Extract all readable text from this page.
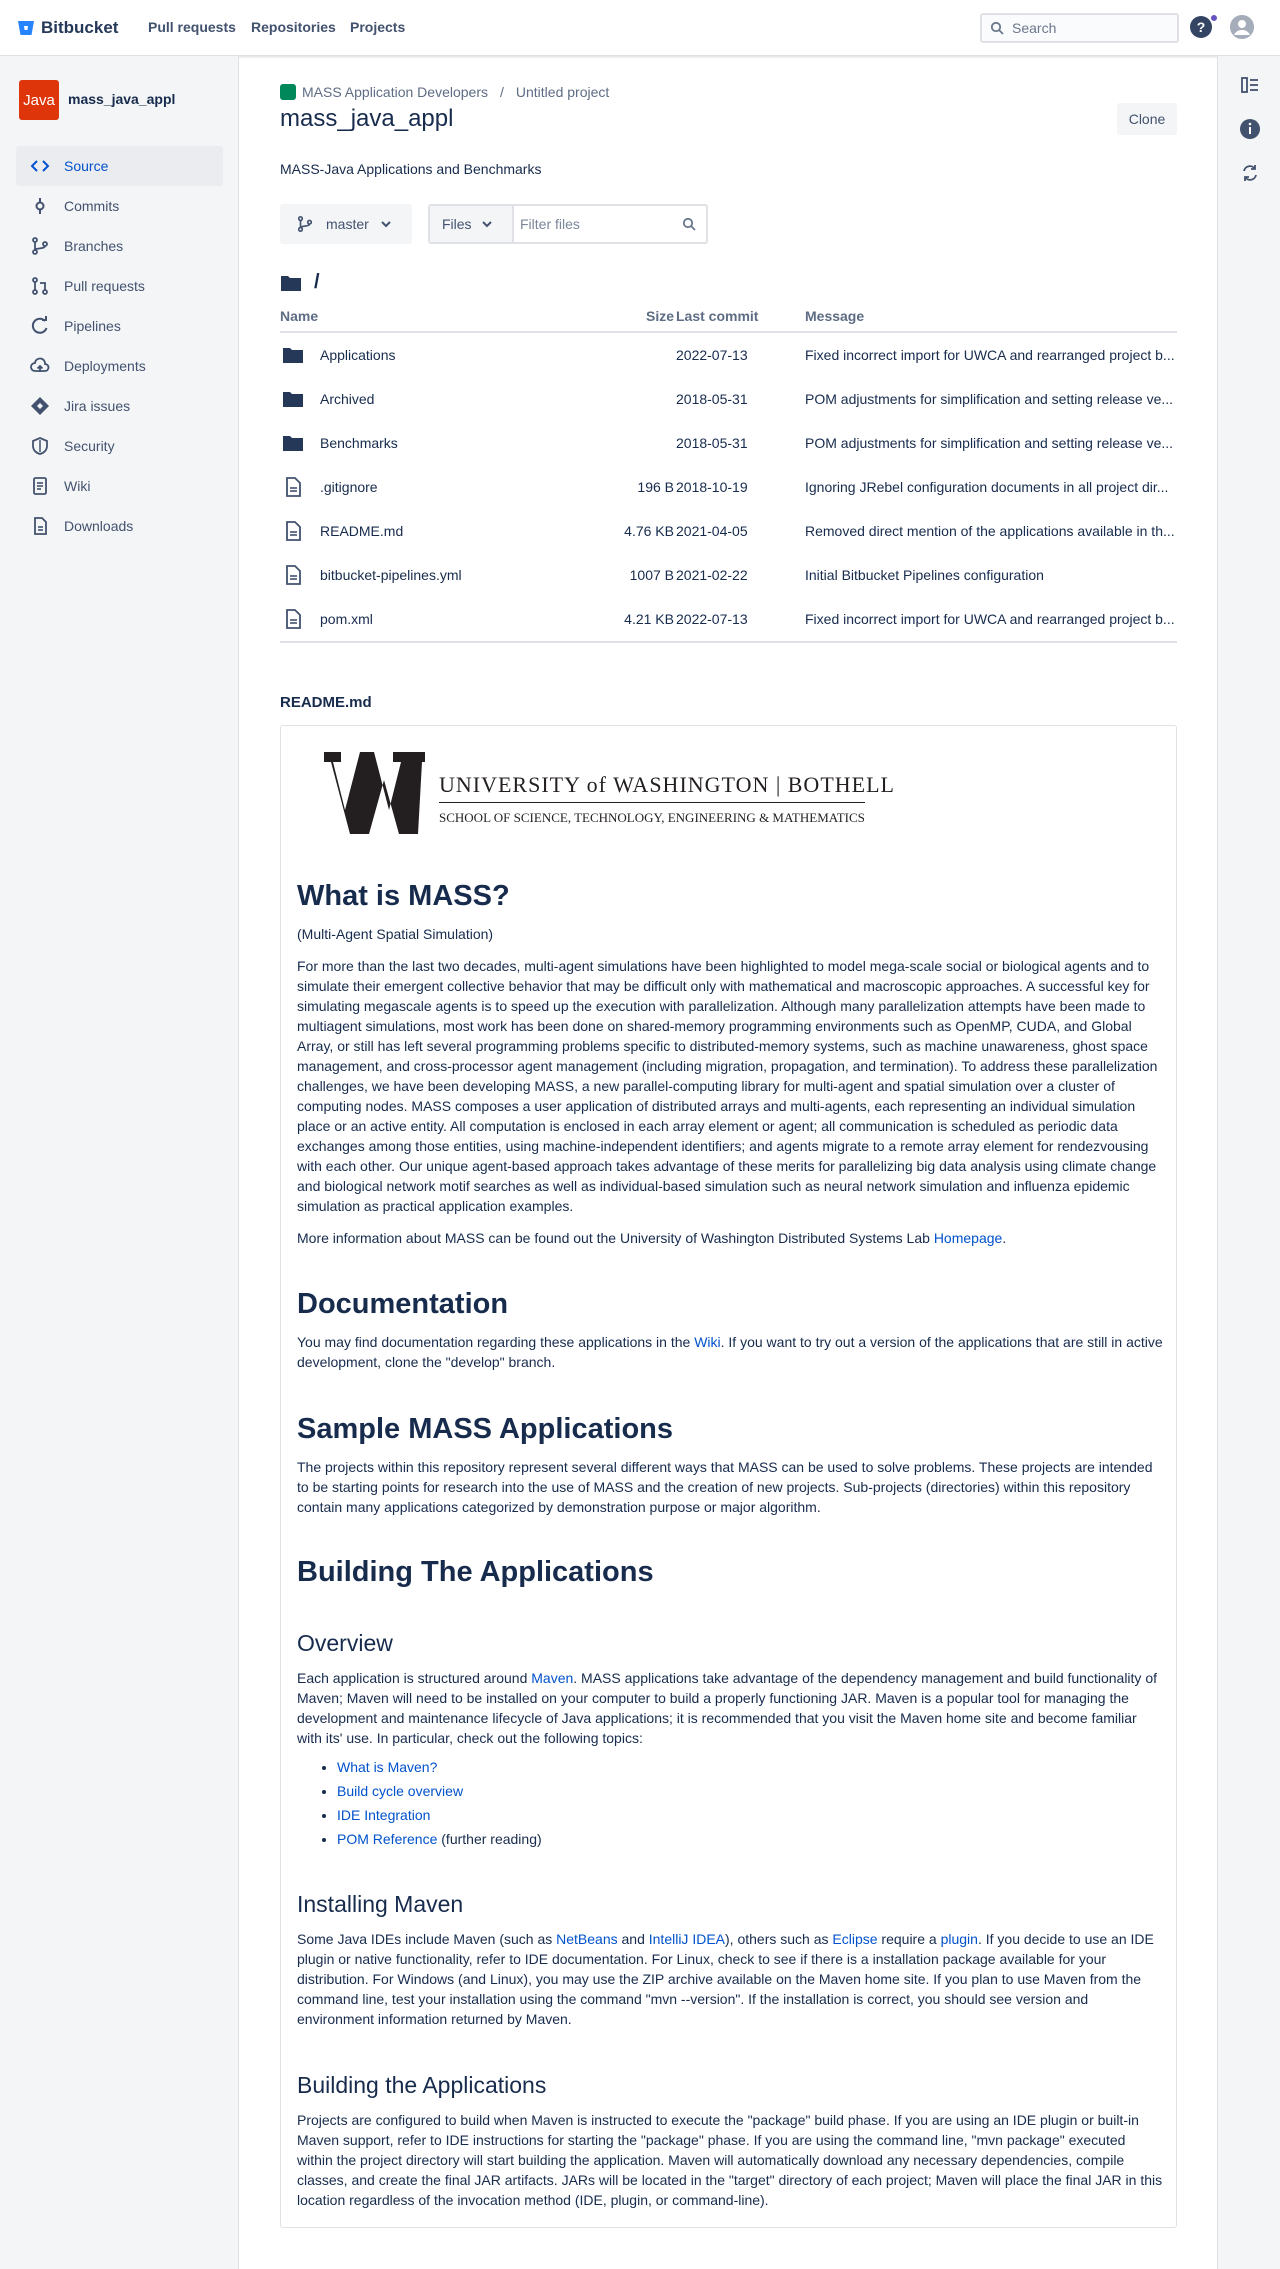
Bitbucket Pull requests Repositories Projects	Search	?
Java mass_java_appl
Source
Commits
Branches
Pull requests
Pipelines
Deployments
Jira issues
Security
Wiki
Downloads
MASS Application Developers / Untitled project
mass_java_appl	Clone
MASS-Java Applications and Benchmarks
master	Files	Filter files
/
Name	Size Last commit	Message
Applications	2022-07-13	Fixed incorrect import for UWCA and rearranged project b...
Archived	2018-05-31	POM adjustments for simplification and setting release ve...
Benchmarks	2018-05-31	POM adjustments for simplification and setting release ve...
.gitignore	196 B 2018-10-19	Ignoring JRebel configuration documents in all project dir...
README.md	4.76 KB 2021-04-05	Removed direct mention of the applications available in th...
bitbucket-pipelines.yml	1007 B 2021-02-22	Initial Bitbucket Pipelines configuration
pom.xml	4.21 KB 2022-07-13	Fixed incorrect import for UWCA and rearranged project b...
README.md
UNIVERSITY of WASHINGTON | BOTHELL
SCHOOL OF SCIENCE, TECHNOLOGY, ENGINEERING & MATHEMATICS
What is MASS?
(Multi-Agent Spatial Simulation)
For more than the last two decades, multi-agent simulations have been highlighted to model mega-scale social or biological agents and to simulate their emergent collective behavior that may be difficult only with mathematical and macroscopic approaches. A successful key for simulating megascale agents is to speed up the execution with parallelization. Although many parallelization attempts have been made to multiagent simulations, most work has been done on shared-memory programming environments such as OpenMP, CUDA, and Global Array, or still has left several programming problems specific to distributed-memory systems, such as machine unawareness, ghost space management, and cross-processor agent management (including migration, propagation, and termination). To address these parallelization challenges, we have been developing MASS, a new parallel-computing library for multi-agent and spatial simulation over a cluster of computing nodes. MASS composes a user application of distributed arrays and multi-agents, each representing an individual simulation place or an active entity. All computation is enclosed in each array element or agent; all communication is scheduled as periodic data exchanges among those entities, using machine-independent identifiers; and agents migrate to a remote array element for rendezvousing with each other. Our unique agent-based approach takes advantage of these merits for parallelizing big data analysis using climate change and biological network motif searches as well as individual-based simulation such as neural network simulation and influenza epidemic simulation as practical application examples.
More information about MASS can be found out the University of Washington Distributed Systems Lab Homepage.
Documentation
You may find documentation regarding these applications in the Wiki. If you want to try out a version of the applications that are still in active development, clone the "develop" branch.
Sample MASS Applications
The projects within this repository represent several different ways that MASS can be used to solve problems. These projects are intended to be starting points for research into the use of MASS and the creation of new projects. Sub-projects (directories) within this repository contain many applications categorized by demonstration purpose or major algorithm.
Building The Applications
Overview
Each application is structured around Maven. MASS applications take advantage of the dependency management and build functionality of Maven; Maven will need to be installed on your computer to build a properly functioning JAR. Maven is a popular tool for managing the development and maintenance lifecycle of Java applications; it is recommended that you visit the Maven home site and become familiar with its' use. In particular, check out the following topics:
• What is Maven?
• Build cycle overview
• IDE Integration
• POM Reference (further reading)
Installing Maven
Some Java IDEs include Maven (such as NetBeans and IntelliJ IDEA), others such as Eclipse require a plugin. If you decide to use an IDE plugin or native functionality, refer to IDE documentation. For Linux, check to see if there is a installation package available for your distribution. For Windows (and Linux), you may use the ZIP archive available on the Maven home site. If you plan to use Maven from the command line, test your installation using the command "mvn --version". If the installation is correct, you should see version and environment information returned by Maven.
Building the Applications
Projects are configured to build when Maven is instructed to execute the "package" build phase. If you are using an IDE plugin or built-in Maven support, refer to IDE instructions for starting the "package" phase. If you are using the command line, "mvn package" executed within the project directory will start building the application. Maven will automatically download any necessary dependencies, compile classes, and create the final JAR artifacts. JARs will be located in the "target" directory of each project; Maven will place the final JAR in this location regardless of the invocation method (IDE, plugin, or command-line).
